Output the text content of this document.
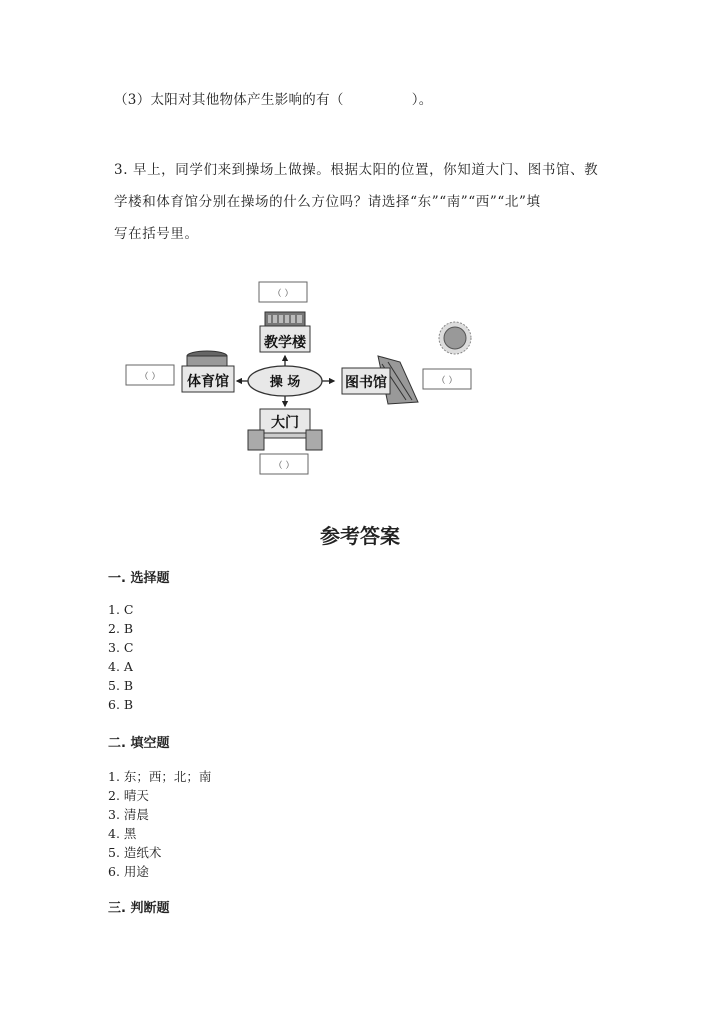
（3）太阳对其他物体产生影响的有（	）。
3. 早上，同学们来到操场上做操。根据太阳的位置，你知道大门、图书馆、教
学楼和体育馆分别在操场的什么方位吗？请选择“东”“南”“西”“北”填
写在括号里。
（ ）
教学楼
操 场
（ ） 体育馆	图书馆	（ ）
大门
（ ）
参考答案
一. 选择题
1. C
2. B
3. C
4. A
5. B
6. B
二. 填空题
1. 东；西；北；南
2. 晴天
3. 清晨
4. 黑
5. 造纸术
6. 用途
三. 判断题
